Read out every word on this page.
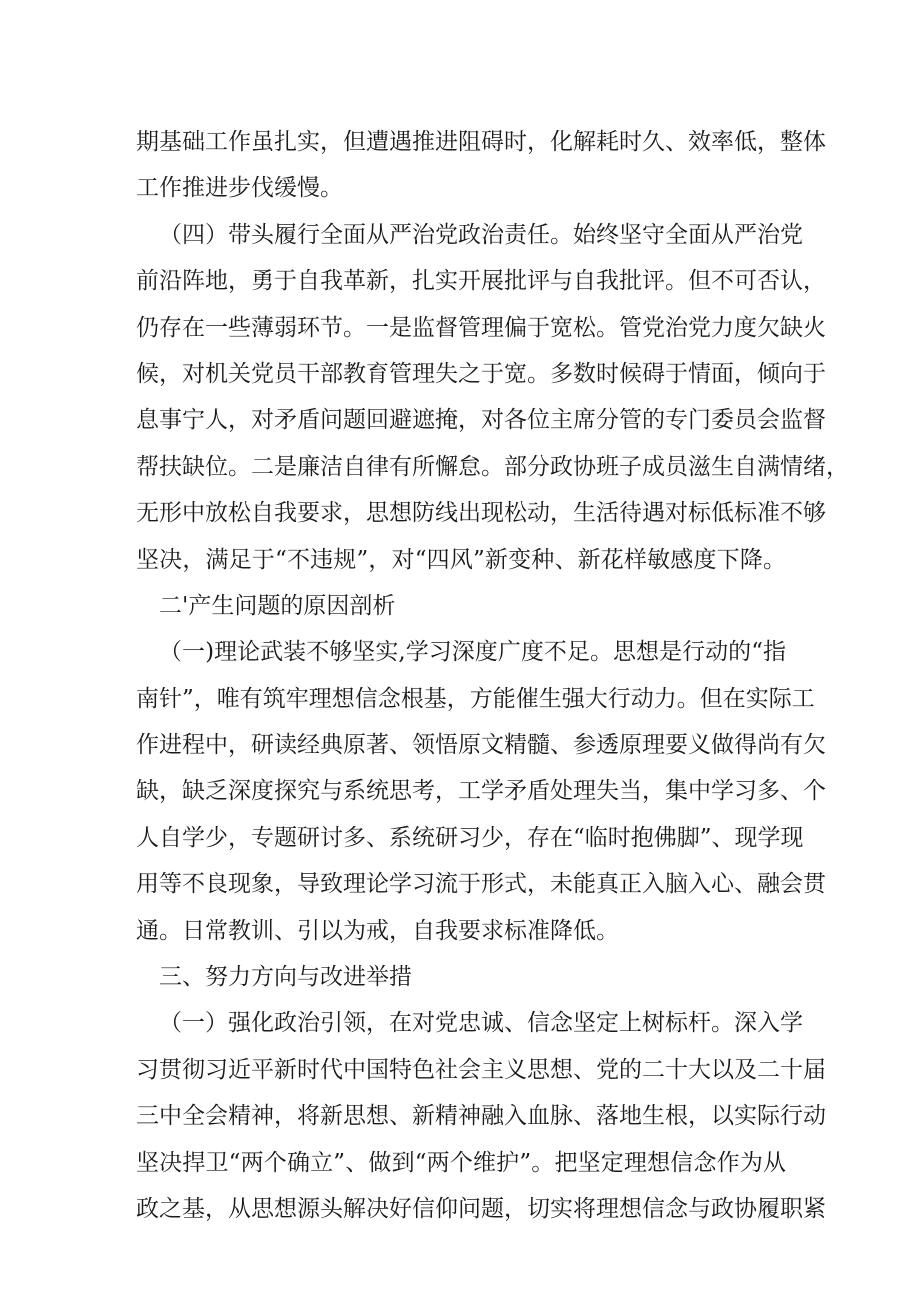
期基础工作虽扎实，但遭遇推进阻碍时，化解耗时久、效率低，整体
工作推进步伐缓慢。
（四）带头履行全面从严治党政治责任。始终坚守全面从严治党
前沿阵地，勇于自我革新，扎实开展批评与自我批评。但不可否认，
仍存在一些薄弱环节。一是监督管理偏于宽松。管党治党力度欠缺火
候，对机关党员干部教育管理失之于宽。多数时候碍于情面，倾向于
息事宁人，对矛盾问题回避遮掩，对各位主席分管的专门委员会监督
帮扶缺位。二是廉洁自律有所懈怠。部分政协班子成员滋生自满情绪，
无形中放松自我要求，思想防线出现松动，生活待遇对标低标准不够
坚决，满足于“不违规”，对“四风”新变种、新花样敏感度下降。
二'产生问题的原因剖析
（一)理论武装不够坚实,学习深度广度不足。思想是行动的“指
南针”，唯有筑牢理想信念根基，方能催生强大行动力。但在实际工
作进程中，研读经典原著、领悟原文精髓、参透原理要义做得尚有欠
缺，缺乏深度探究与系统思考，工学矛盾处理失当，集中学习多、个
人自学少，专题研讨多、系统研习少，存在“临时抱佛脚”、现学现
用等不良现象，导致理论学习流于形式，未能真正入脑入心、融会贯
通。日常教训、引以为戒，自我要求标准降低。
三、努力方向与改进举措
（一）强化政治引领，在对党忠诚、信念坚定上树标杆。深入学
习贯彻习近平新时代中国特色社会主义思想、党的二十大以及二十届
三中全会精神，将新思想、新精神融入血脉、落地生根，以实际行动
坚决捍卫“两个确立”、做到“两个维护”。把坚定理想信念作为从
政之基，从思想源头解决好信仰问题，切实将理想信念与政协履职紧
